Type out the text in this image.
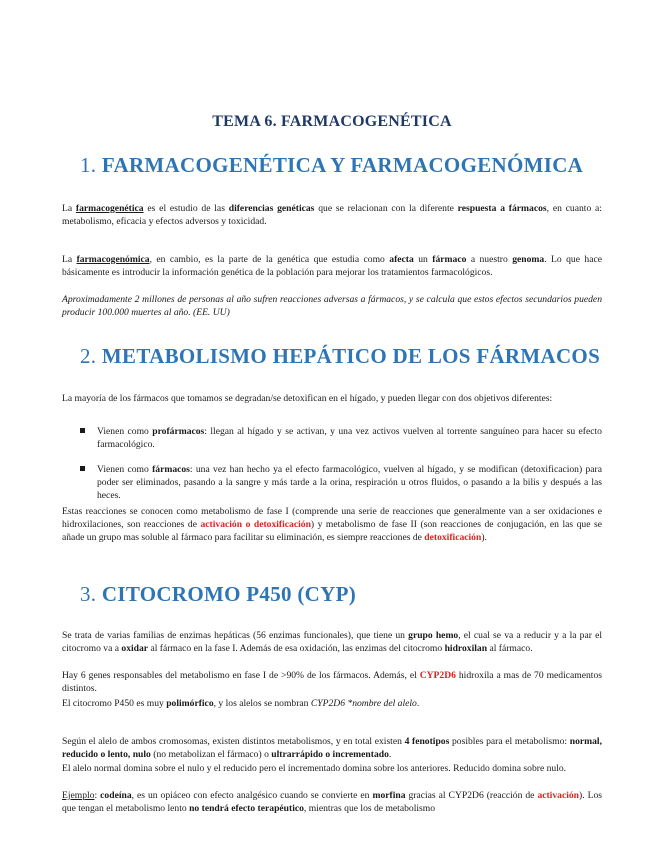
TEMA 6. FARMACOGENÉTICA
1. FARMACOGENÉTICA Y FARMACOGENÓMICA
La farmacogenética es el estudio de las diferencias genéticas que se relacionan con la diferente respuesta a fármacos, en cuanto a: metabolismo, eficacia y efectos adversos y toxicidad.
La farmacogenómica, en cambio, es la parte de la genética que estudia como afecta un fármaco a nuestro genoma. Lo que hace básicamente es introducir la información genética de la población para mejorar los tratamientos farmacológicos.
Aproximadamente 2 millones de personas al año sufren reacciones adversas a fármacos, y se calcula que estos efectos secundarios pueden producir 100.000 muertes al año. (EE. UU)
2. METABOLISMO HEPÁTICO DE LOS FÁRMACOS
La mayoría de los fármacos que tomamos se degradan/se detoxifican en el hígado, y pueden llegar con dos objetivos diferentes:
Vienen como profármacos: llegan al hígado y se activan, y una vez activos vuelven al torrente sanguíneo para hacer su efecto farmacológico.
Vienen como fármacos: una vez han hecho ya el efecto farmacológico, vuelven al hígado, y se modifican (detoxificacion) para poder ser eliminados, pasando a la sangre y más tarde a la orina, respiración u otros fluidos, o pasando a la bilis y después a las heces.
Estas reacciones se conocen como metabolismo de fase I (comprende una serie de reacciones que generalmente van a ser oxidaciones e hidroxilaciones, son reacciones de activación o detoxificación) y metabolismo de fase II (son reacciones de conjugación, en las que se añade un grupo mas soluble al fármaco para facilitar su eliminación, es siempre reacciones de detoxificación).
3. CITOCROMO P450 (CYP)
Se trata de varias familias de enzimas hepáticas (56 enzimas funcionales), que tiene un grupo hemo, el cual se va a reducir y a la par el citocromo va a oxidar al fármaco en la fase I. Además de esa oxidación, las enzimas del citocromo hidroxilan al fármaco.
Hay 6 genes responsables del metabolismo en fase I de >90% de los fármacos. Además, el CYP2D6 hidroxila a mas de 70 medicamentos distintos.
El citocromo P450 es muy polimórfico, y los alelos se nombran CYP2D6 *nombre del alelo.
Según el alelo de ambos cromosomas, existen distintos metabolismos, y en total existen 4 fenotipos posibles para el metabolismo: normal, reducido o lento, nulo (no metabolizan el fármaco) o ultrarrápido o incrementado.
El alelo normal domina sobre el nulo y el reducido pero el incrementado domina sobre los anteriores. Reducido domina sobre nulo.
Ejemplo: codeína, es un opiáceo con efecto analgésico cuando se convierte en morfina gracias al CYP2D6 (reacción de activación). Los que tengan el metabolismo lento no tendrá efecto terapéutico, mientras que los de metabolismo
